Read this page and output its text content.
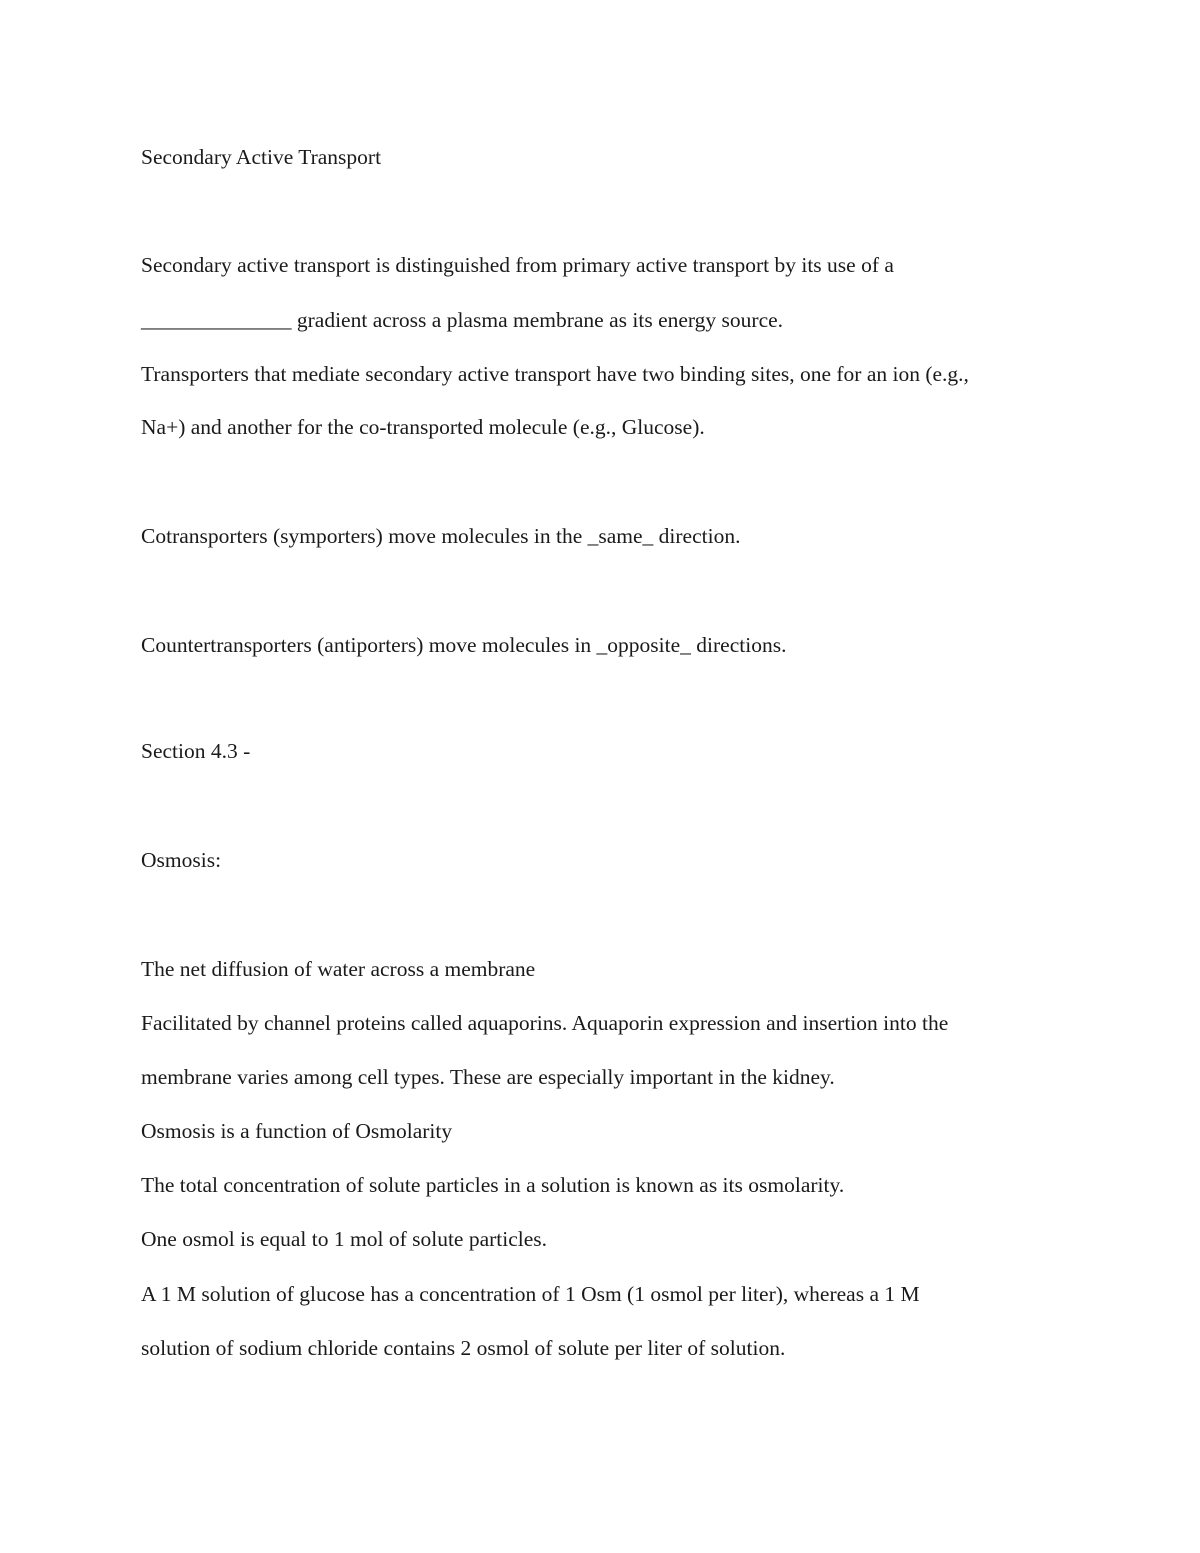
Secondary Active Transport

Secondary active transport is distinguished from primary active transport by its use of a

______________ gradient across a plasma membrane as its energy source.

Transporters that mediate secondary active transport have two binding sites, one for an ion (e.g.,

Na+) and another for the co-transported molecule (e.g., Glucose).

Cotransporters (symporters) move molecules in the _same_ direction.

Countertransporters (antiporters) move molecules in _opposite_ directions.

Section 4.3 -

Osmosis:

The net diffusion of water across a membrane

Facilitated by channel proteins called aquaporins. Aquaporin expression and insertion into the

membrane varies among cell types. These are especially important in the kidney.

Osmosis is a function of Osmolarity

The total concentration of solute particles in a solution is known as its osmolarity.

One osmol is equal to 1 mol of solute particles.

A 1 M solution of glucose has a concentration of 1 Osm (1 osmol per liter), whereas a 1 M

solution of sodium chloride contains 2 osmol of solute per liter of solution.
